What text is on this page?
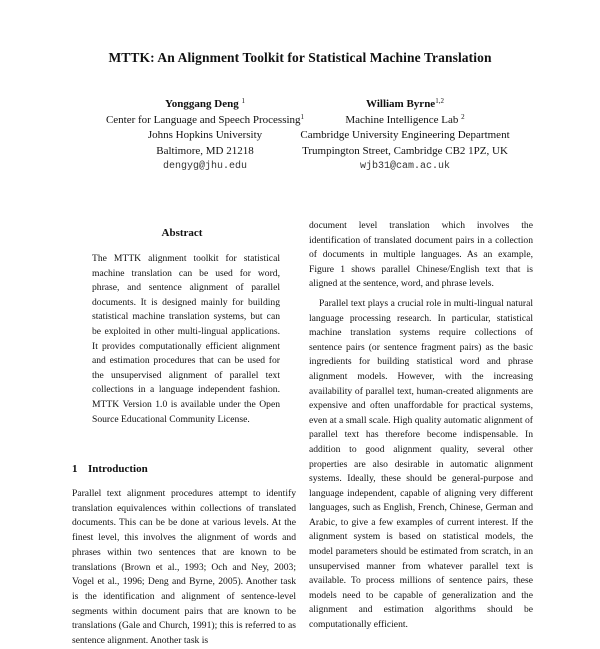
MTTK: An Alignment Toolkit for Statistical Machine Translation
Yonggang Deng $^1$
Center for Language and Speech Processing$^1$
Johns Hopkins University
Baltimore, MD 21218
dengyg@jhu.edu
William Byrne$^{1,2}$
Machine Intelligence Lab $^2$
Cambridge University Engineering Department
Trumpington Street, Cambridge CB2 1PZ, UK
wjb31@cam.ac.uk
Abstract

The MTTK alignment toolkit for statistical machine translation can be used for word, phrase, and sentence alignment of parallel documents. It is designed mainly for building statistical machine translation systems, but can be exploited in other multi-lingual applications. It provides computationally efficient alignment and estimation procedures that can be used for the unsupervised alignment of parallel text collections in a language independent fashion. MTTK Version 1.0 is available under the Open Source Educational Community License.

1 Introduction

Parallel text alignment procedures attempt to identify translation equivalences within collections of translated documents. This can be be done at various levels. At the finest level, this involves the alignment of words and phrases within two sentences that are known to be translations (Brown et al., 1993; Och and Ney, 2003; Vogel et al., 1996; Deng and Byrne, 2005). Another task is the identification and alignment of sentence-level segments within document pairs that are known to be translations (Gale and Church, 1991); this is referred to as sentence alignment. Another task is

document level translation which involves the identification of translated document pairs in a collection of documents in multiple languages. As an example, Figure 1 shows parallel Chinese/English text that is aligned at the sentence, word, and phrase levels.

Parallel text plays a crucial role in multi-lingual natural language processing research. In particular, statistical machine translation systems require collections of sentence pairs (or sentence fragment pairs) as the basic ingredients for building statistical word and phrase alignment models. However, with the increasing availability of parallel text, human-created alignments are expensive and often unaffordable for practical systems, even at a small scale. High quality automatic alignment of parallel text has therefore become indispensable. In addition to good alignment quality, several other properties are also desirable in automatic alignment systems. Ideally, these should be general-purpose and language independent, capable of aligning very different languages, such as English, French, Chinese, German and Arabic, to give a few examples of current interest. If the alignment system is based on statistical models, the model parameters should be estimated from scratch, in an unsupervised manner from whatever parallel text is available. To process millions of sentence pairs, these models need to be capable of generalization and the alignment and estimation algorithms should be computationally efficient.
